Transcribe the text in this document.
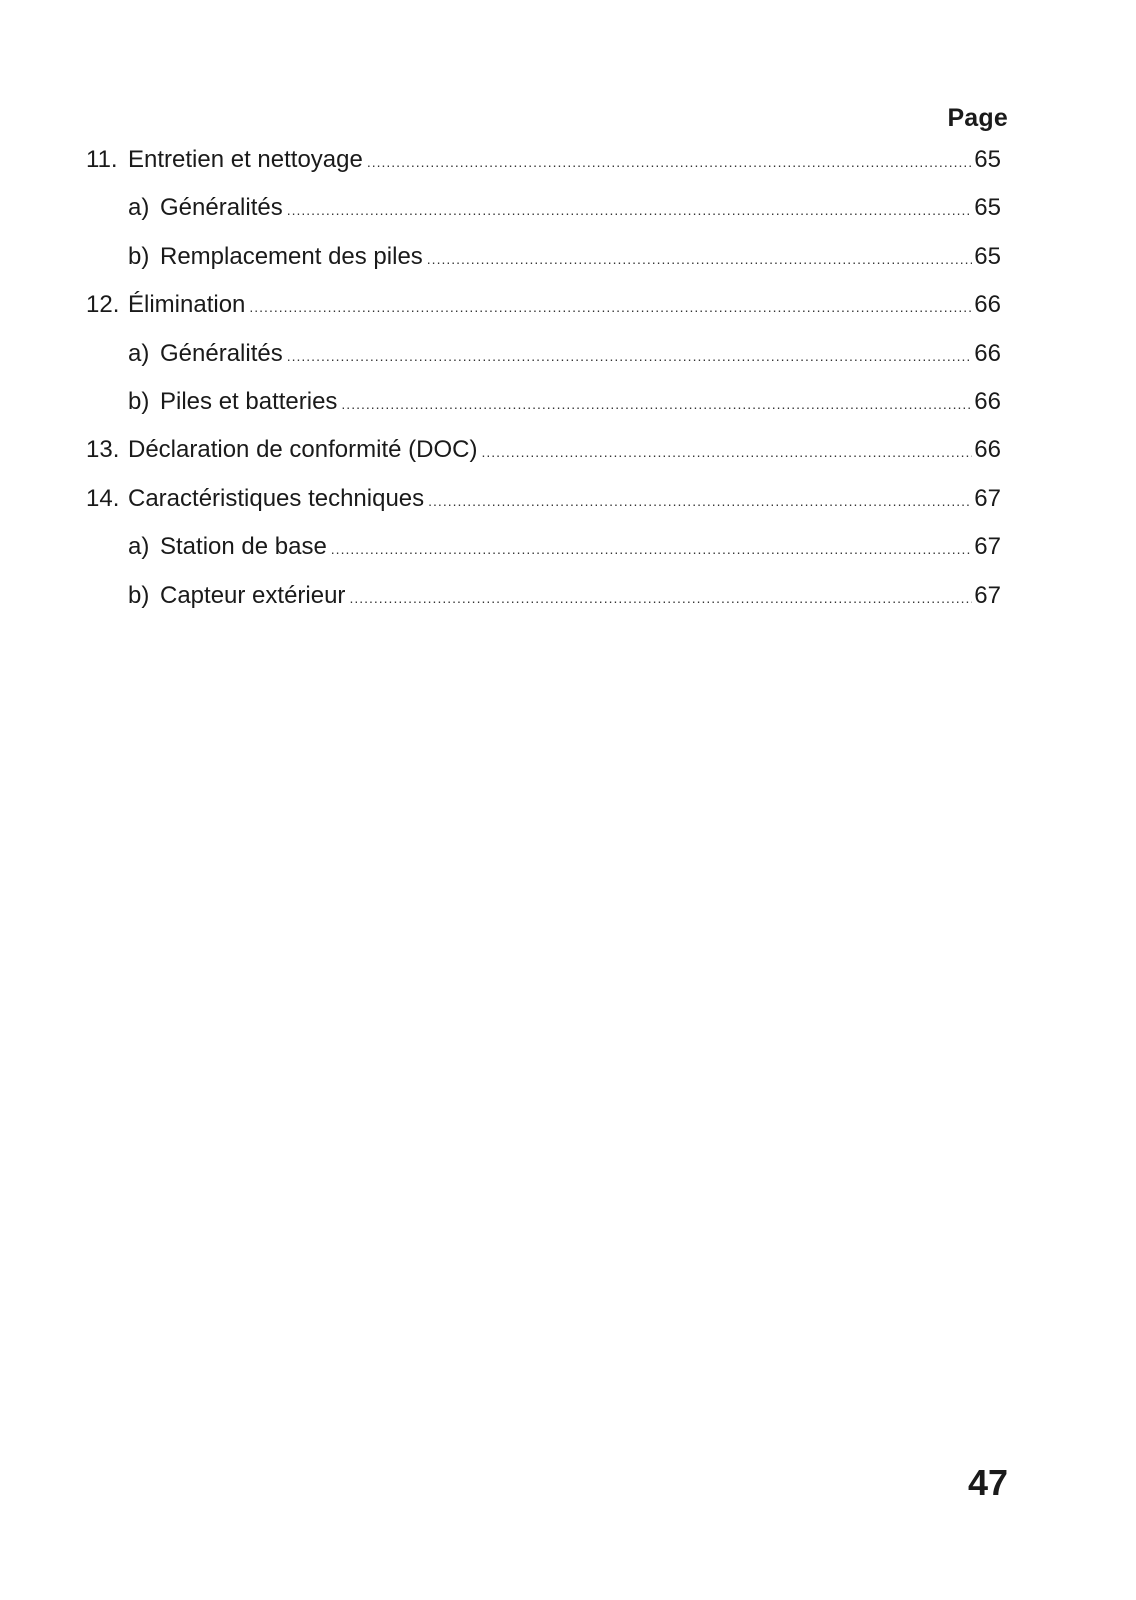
Page
11. Entretien et nettoyage .....	65
a) Généralités .....	65
b) Remplacement des piles .....	65
12. Élimination .....	66
a) Généralités .....	66
b) Piles et batteries .....	66
13. Déclaration de conformité (DOC) .....	66
14. Caractéristiques techniques .....	67
a) Station de base .....	67
b) Capteur extérieur .....	67
47
